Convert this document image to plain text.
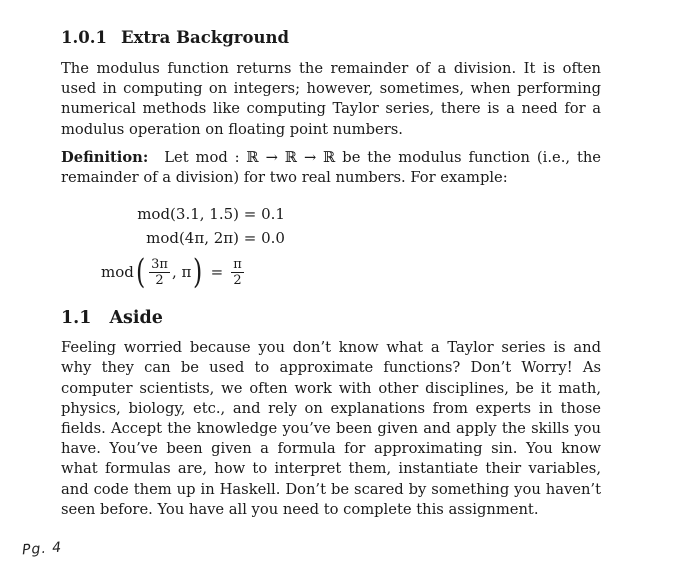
1.0.1 Extra Background

The modulus function returns the remainder of a division. It is often used in computing on integers; however, sometimes, when performing numerical methods like computing Taylor series, there is a need for a modulus operation on floating point numbers.

Definition: Let mod : ℝ → ℝ → ℝ be the modulus function (i.e., the remainder of a division) for two real numbers. For example:

mod(3.1, 1.5) = 0.1
mod(4π, 2π) = 0.0
mod ( $\frac{3\pi}{2}$ , π ) = $\frac{\pi}{2}$
1.1 Aside

Feeling worried because you don’t know what a Taylor series is and why they can be used to approximate functions? Don’t Worry! As computer scientists, we often work with other disciplines, be it math, physics, biology, etc., and rely on explanations from experts in those fields. Accept the knowledge you’ve been given and apply the skills you have. You’ve been given a formula for approximating sin. You know what formulas are, how to interpret them, instantiate their variables, and code them up in Haskell. Don’t be scared by something you haven’t seen before. You have all you need to complete this assignment.

Pg. 4
